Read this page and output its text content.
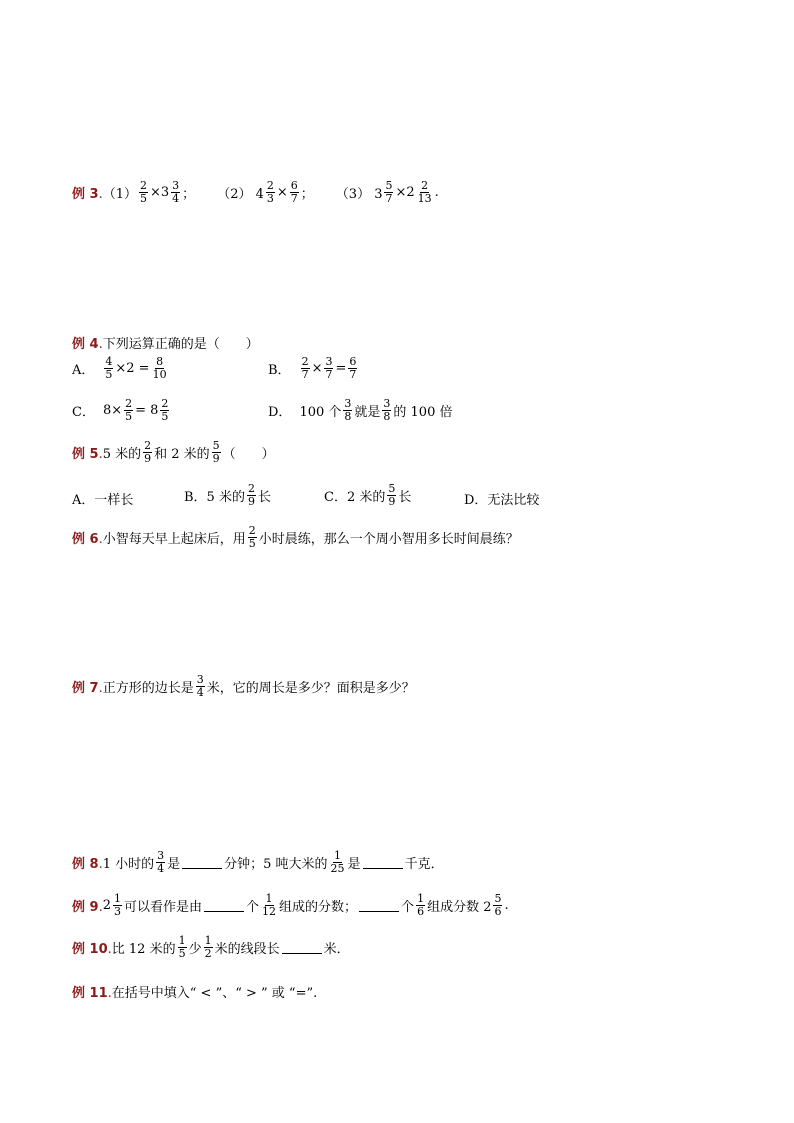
例 3. $(1) \frac{2}{5} \times 3 \frac{3}{4}$ ； （2） $4 \frac{2}{3} \times \frac{6}{7}$ ； （3） $3 \frac{5}{7} \times 2 \frac{2}{13}$ .
例 4. 下列运算正确的是（　　）
A． $\frac{4}{5} \times 2 = \frac{8}{10}$	B． $\frac{2}{7} \times \frac{3}{7} = \frac{6}{7}$
C． $8\times \frac{2}{5} = 8 \frac{2}{5}$	D． 100 个 $\frac{3}{8}$ 就是 $\frac{3}{8}$ 的 100 倍
例 5. 5 米的 $\frac{2}{9}$ 和 2 米的 $\frac{5}{9}$ （　　）
A．一样长	B．5 米的 $\frac{2}{9}$ 长	C．2 米的 $\frac{5}{9}$ 长	D．无法比较
例 6. 小智每天早上起床后，用 $\frac{2}{5}$ 小时晨练，那么一个周小智用多长时间晨练？
例 7. 正方形的边长是 $\frac{3}{4}$ 米，它的周长是多少？面积是多少？
例 8. 1 小时的 $\frac{3}{4}$ 是	分钟；5 吨大米的 $\frac{1}{25}$ 是	千克．
例 9. $2 \frac{1}{3}$ 可以看作是由	个 $\frac{1}{12}$ 组成的分数；	个 $\frac{1}{6}$ 组成分数 $2 \frac{5}{6}$ .
例 10. 比 12 米的 $\frac{1}{5}$ 少 $\frac{1}{2}$ 米的线段长	米．
例 11. 在括号中填入“ < ”、“ > ” 或 “=”.
